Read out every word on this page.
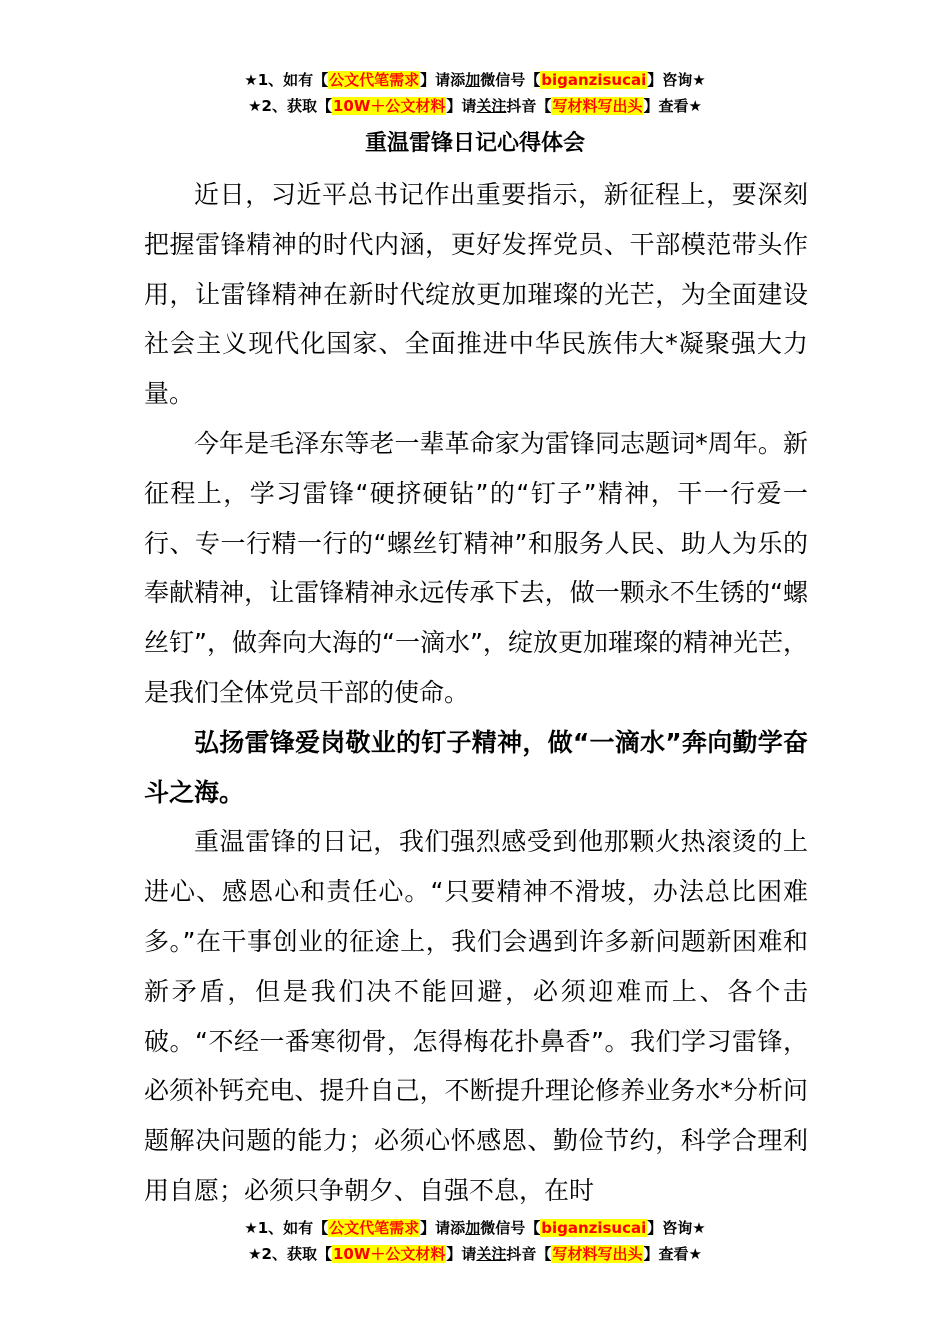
★1、如有【公文代笔需求】请添加微信号【biganzisucai】咨询★
★2、获取【10W＋公文材料】请关注抖音【写材料写出头】查看★
重温雷锋日记心得体会

近日，习近平总书记作出重要指示，新征程上，要深刻把握雷锋精神的时代内涵，更好发挥党员、干部模范带头作用，让雷锋精神在新时代绽放更加璀璨的光芒，为全面建设社会主义现代化国家、全面推进中华民族伟大*凝聚强大力量。

今年是毛泽东等老一辈革命家为雷锋同志题词*周年。新征程上，学习雷锋“硬挤硬钻”的“钉子”精神，干一行爱一行、专一行精一行的“螺丝钉精神”和服务人民、助人为乐的奉献精神，让雷锋精神永远传承下去，做一颗永不生锈的“螺丝钉”，做奔向大海的“一滴水”，绽放更加璀璨的精神光芒，是我们全体党员干部的使命。

弘扬雷锋爱岗敬业的钉子精神，做“一滴水”奔向勤学奋斗之海。

重温雷锋的日记，我们强烈感受到他那颗火热滚烫的上进心、感恩心和责任心。“只要精神不滑坡，办法总比困难多。”在干事创业的征途上，我们会遇到许多新问题新困难和新矛盾，但是我们决不能回避，必须迎难而上、各个击破。“不经一番寒彻骨，怎得梅花扑鼻香”。我们学习雷锋，必须补钙充电、提升自己，不断提升理论修养业务水*分析问题解决问题的能力；必须心怀感恩、勤俭节约，科学合理利用自愿；必须只争朝夕、自强不息，在时

★1、如有【公文代笔需求】请添加微信号【biganzisucai】咨询★
★2、获取【10W＋公文材料】请关注抖音【写材料写出头】查看★
